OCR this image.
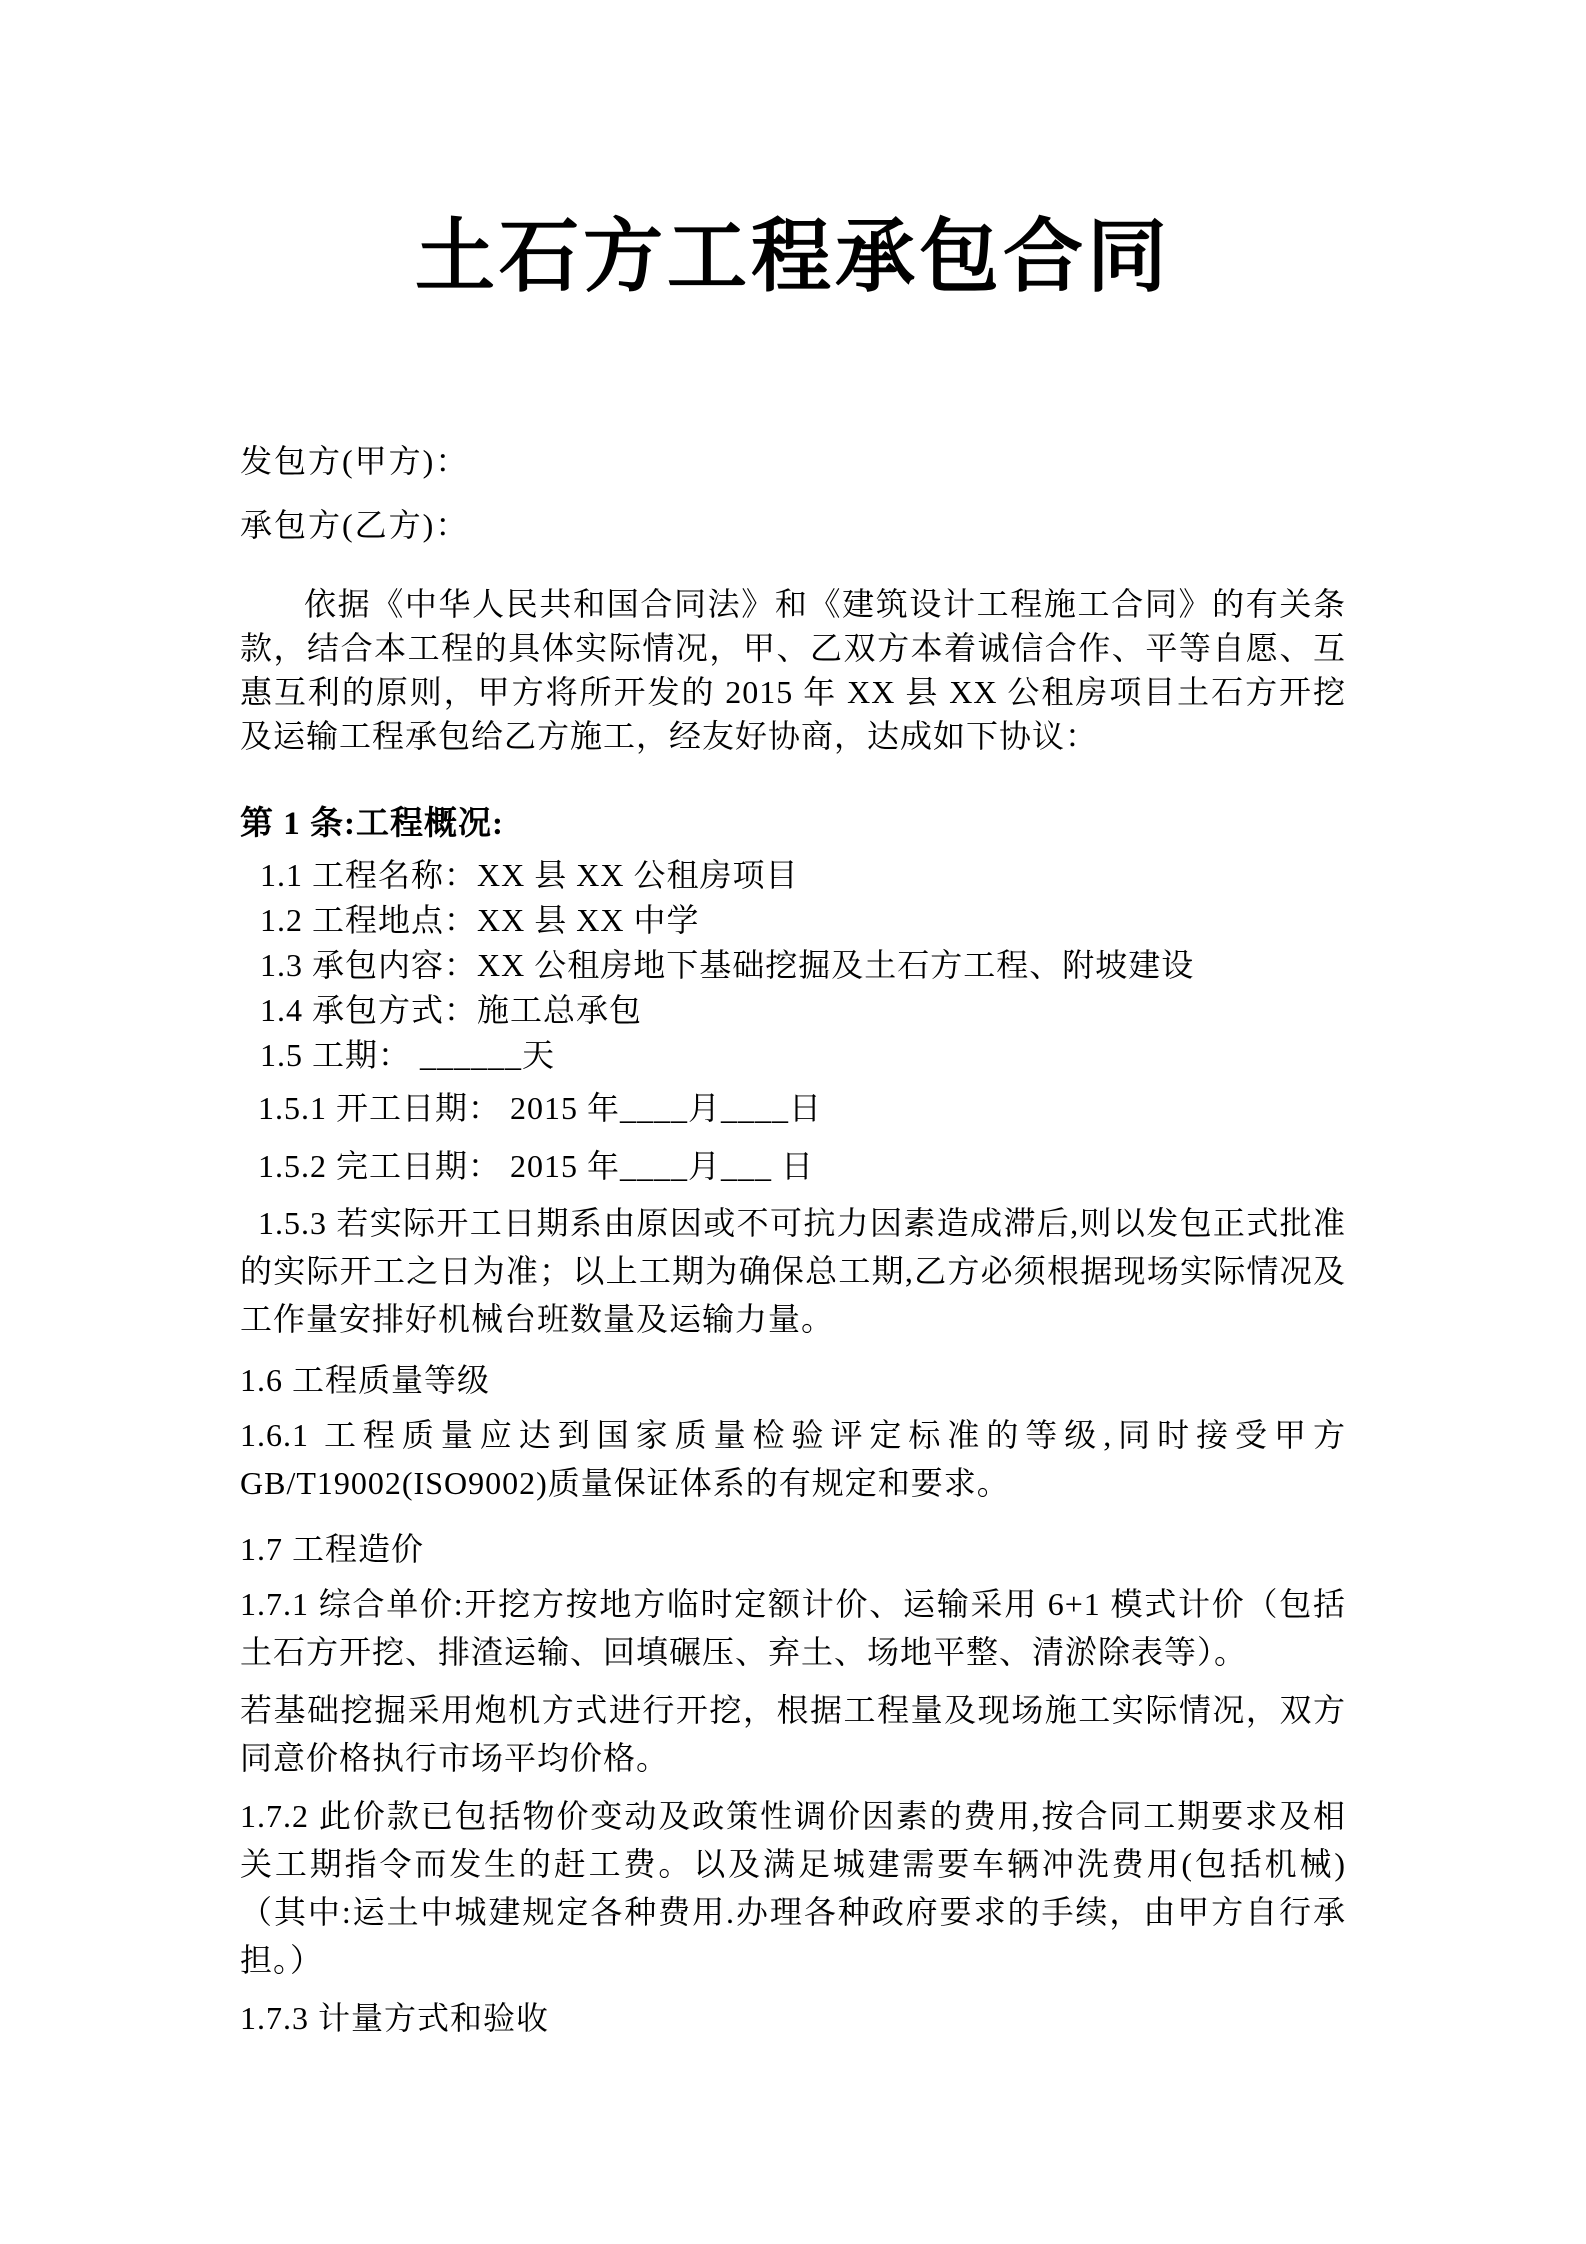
土石方工程承包合同
发包方(甲方)：
承包方(乙方)：
依据《中华人民共和国合同法》和《建筑设计工程施工合同》的有关条款，结合本工程的具体实际情况，甲、乙双方本着诚信合作、平等自愿、互惠互利的原则，甲方将所开发的 2015 年 XX 县 XX 公租房项目土石方开挖及运输工程承包给乙方施工，经友好协商，达成如下协议：
第 1 条:工程概况:
1.1 工程名称：XX 县 XX 公租房项目
1.2 工程地点：XX 县 XX 中学
1.3 承包内容：XX 公租房地下基础挖掘及土石方工程、附坡建设
1.4 承包方式：施工总承包
1.5 工期： ______天
1.5.1 开工日期： 2015 年____月____日
1.5.2 完工日期： 2015 年____月___ 日
1.5.3 若实际开工日期系由原因或不可抗力因素造成滞后,则以发包正式批准的实际开工之日为准；以上工期为确保总工期,乙方必须根据现场实际情况及工作量安排好机械台班数量及运输力量。
1.6 工程质量等级
1.6.1 工程质量应达到国家质量检验评定标准的等级,同时接受甲方 GB/T19002(ISO9002)质量保证体系的有规定和要求。
1.7 工程造价
1.7.1 综合单价:开挖方按地方临时定额计价、运输采用 6+1 模式计价（包括土石方开挖、排渣运输、回填碾压、弃土、场地平整、清淤除表等）。
若基础挖掘采用炮机方式进行开挖，根据工程量及现场施工实际情况，双方同意价格执行市场平均价格。
1.7.2 此价款已包括物价变动及政策性调价因素的费用,按合同工期要求及相关工期指令而发生的赶工费。以及满足城建需要车辆冲洗费用(包括机械)（其中:运土中城建规定各种费用.办理各种政府要求的手续，由甲方自行承担。）
1.7.3 计量方式和验收
